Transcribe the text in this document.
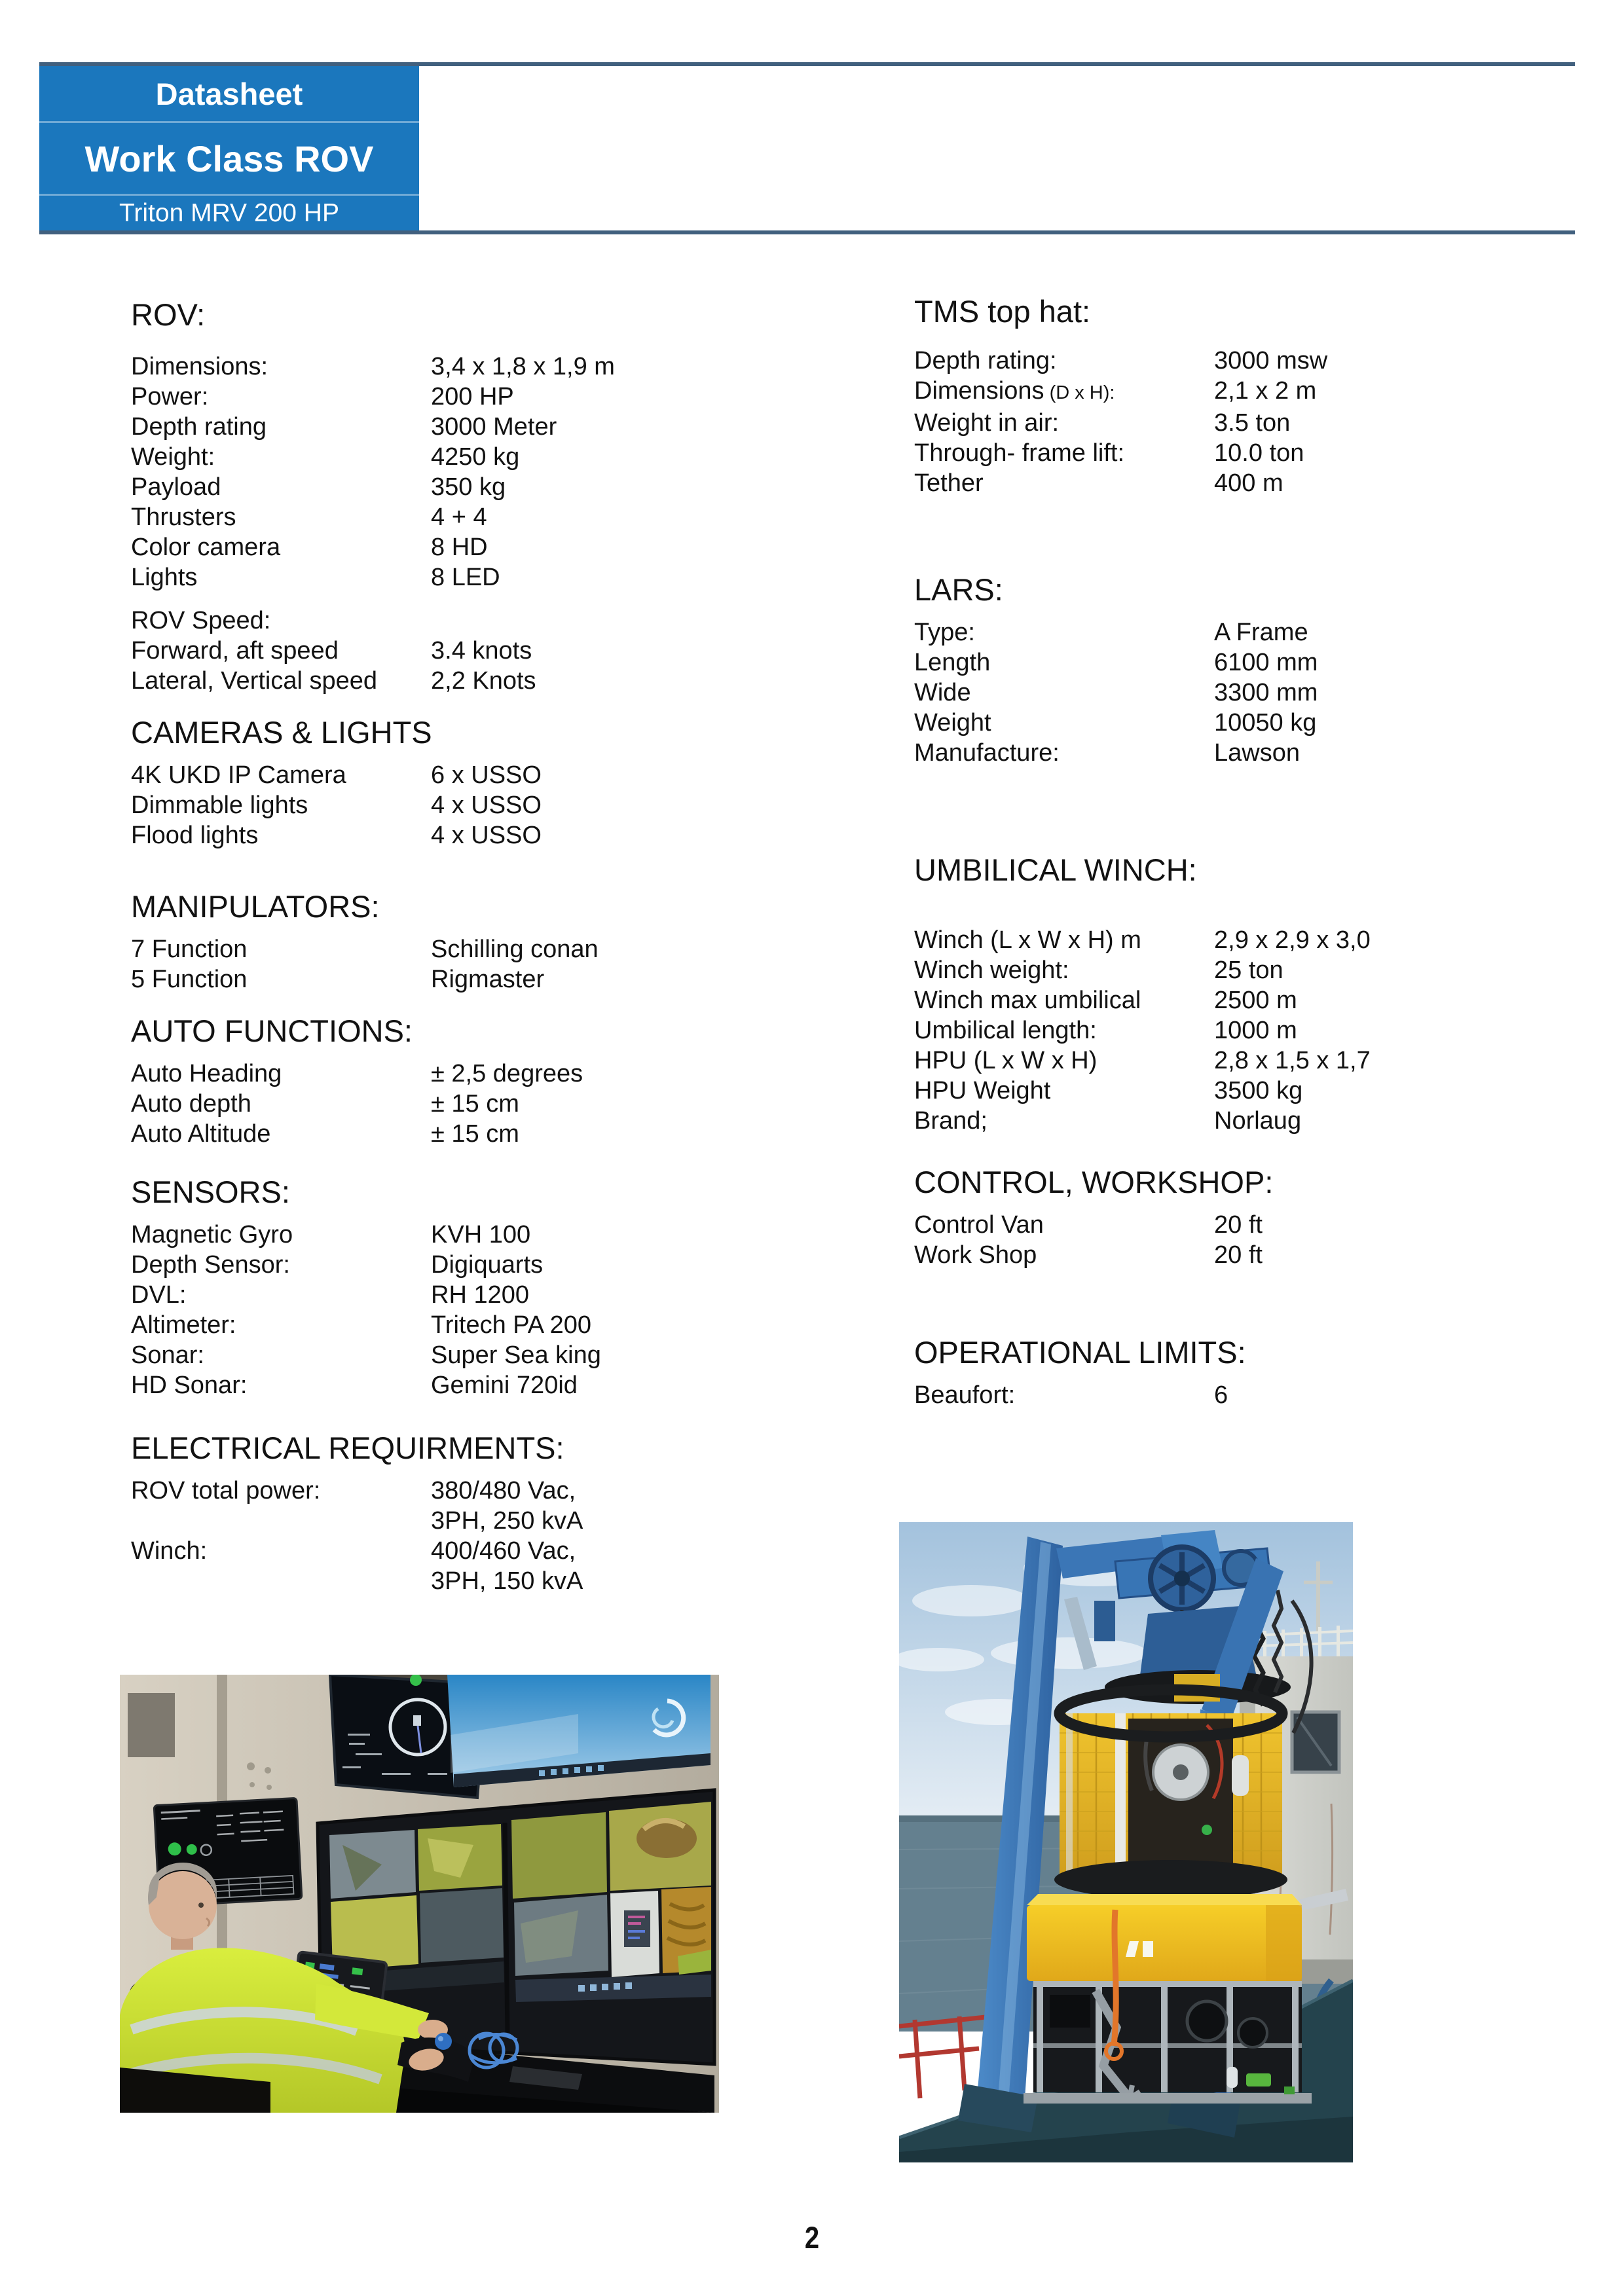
Datasheet
Work Class ROV
Triton MRV 200 HP
ROV:
Dimensions:	3,4 x 1,8 x 1,9 m
Power:	200 HP
Depth rating	3000 Meter
Weight:	4250 kg
Payload	350 kg
Thrusters	4 + 4
Color camera	8 HD
Lights	8 LED
ROV Speed:
Forward, aft speed	3.4 knots
Lateral, Vertical speed	2,2 Knots
CAMERAS & LIGHTS
4K UKD IP Camera	6 x USSO
Dimmable lights	4 x USSO
Flood lights	4 x USSO
MANIPULATORS:
7 Function	Schilling conan
5 Function	Rigmaster
AUTO FUNCTIONS:
Auto Heading	± 2,5 degrees
Auto depth	± 15 cm
Auto Altitude	± 15 cm
SENSORS:
Magnetic Gyro	KVH 100
Depth Sensor:	Digiquarts
DVL:	RH 1200
Altimeter:	Tritech PA 200
Sonar:	Super Sea king
HD Sonar:	Gemini 720id
ELECTRICAL REQUIRMENTS:
ROV total power:	380/480 Vac,
3PH, 250 kvA
Winch:	400/460 Vac,
3PH, 150 kvA
TMS top hat:
Depth rating:	3000 msw
Dimensions (D x H):	2,1 x 2 m
Weight in air:	3.5 ton
Through- frame lift:	10.0 ton
Tether	400 m
LARS:
Type:	A Frame
Length	6100 mm
Wide	3300 mm
Weight	10050 kg
Manufacture:	Lawson
UMBILICAL WINCH:
Winch (L x W x H) m	2,9 x 2,9 x 3,0
Winch weight:	25 ton
Winch max umbilical	2500 m
Umbilical length:	1000 m
HPU (L x W x H)	2,8 x 1,5 x 1,7
HPU Weight	3500 kg
Brand;	Norlaug
CONTROL, WORKSHOP:
Control Van	20 ft
Work Shop	20 ft
OPERATIONAL LIMITS:
Beaufort:	6
2
